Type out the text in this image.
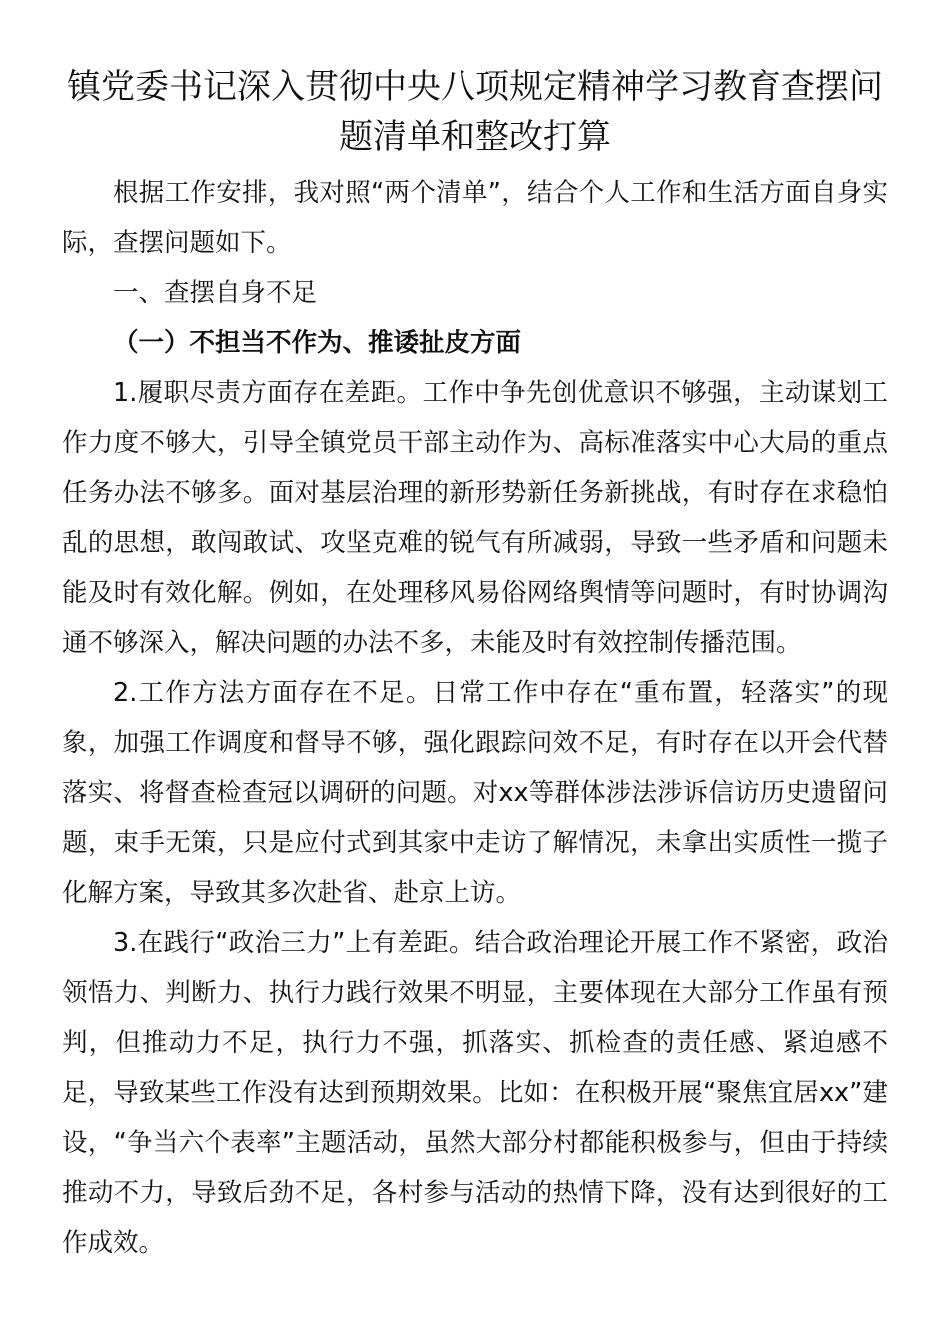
镇党委书记深入贯彻中央八项规定精神学习教育查摆问题清单和整改打算

根据工作安排，我对照“两个清单”，结合个人工作和生活方面自身实际，查摆问题如下。

一、查摆自身不足

（一）不担当不作为、推诿扯皮方面

1.履职尽责方面存在差距。工作中争先创优意识不够强，主动谋划工作力度不够大，引导全镇党员干部主动作为、高标准落实中心大局的重点任务办法不够多。面对基层治理的新形势新任务新挑战，有时存在求稳怕乱的思想，敢闯敢试、攻坚克难的锐气有所减弱，导致一些矛盾和问题未能及时有效化解。例如，在处理移风易俗网络舆情等问题时，有时协调沟通不够深入，解决问题的办法不多，未能及时有效控制传播范围。

2.工作方法方面存在不足。日常工作中存在“重布置，轻落实”的现象，加强工作调度和督导不够，强化跟踪问效不足，有时存在以开会代替落实、将督查检查冠以调研的问题。对xx等群体涉法涉诉信访历史遗留问题，束手无策，只是应付式到其家中走访了解情况，未拿出实质性一揽子化解方案，导致其多次赴省、赴京上访。

3.在践行“政治三力”上有差距。结合政治理论开展工作不紧密，政治领悟力、判断力、执行力践行效果不明显，主要体现在大部分工作虽有预判，但推动力不足，执行力不强，抓落实、抓检查的责任感、紧迫感不足，导致某些工作没有达到预期效果。比如：在积极开展“聚焦宜居xx”建设，“争当六个表率”主题活动，虽然大部分村都能积极参与，但由于持续推动不力，导致后劲不足，各村参与活动的热情下降，没有达到很好的工作成效。
